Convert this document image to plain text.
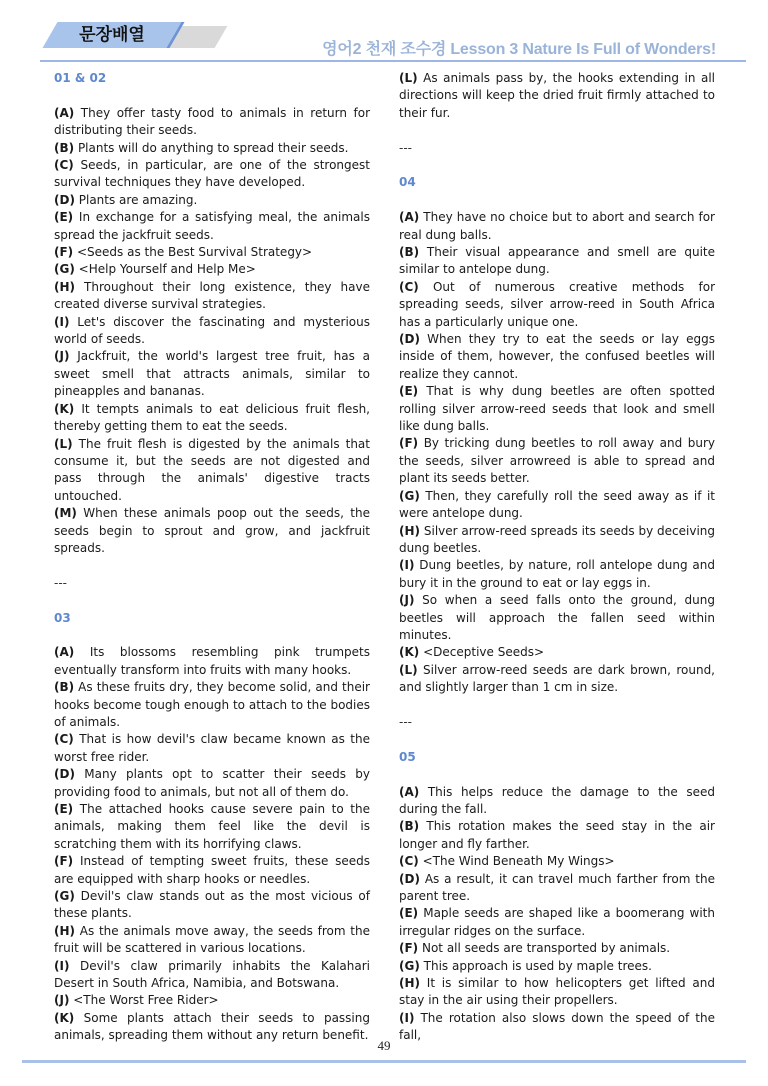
문장배열
영어2 천재 조수경 Lesson 3 Nature Is Full of Wonders!

01 & 02

(A) They offer tasty food to animals in return for distributing their seeds.

(B) Plants will do anything to spread their seeds.

(C) Seeds, in particular, are one of the strongest survival techniques they have developed.

(D) Plants are amazing.

(E) In exchange for a satisfying meal, the animals spread the jackfruit seeds.

(F) <Seeds as the Best Survival Strategy>

(G) <Help Yourself and Help Me>

(H) Throughout their long existence, they have created diverse survival strategies.

(I) Let's discover the fascinating and mysterious world of seeds.

(J) Jackfruit, the world's largest tree fruit, has a sweet smell that attracts animals, similar to pineapples and bananas.

(K) It tempts animals to eat delicious fruit flesh, thereby getting them to eat the seeds.

(L) The fruit flesh is digested by the animals that consume it, but the seeds are not digested and pass through the animals' digestive tracts untouched.

(M) When these animals poop out the seeds, the seeds begin to sprout and grow, and jackfruit spreads.

---

03

(A) Its blossoms resembling pink trumpets eventually transform into fruits with many hooks.

(B) As these fruits dry, they become solid, and their hooks become tough enough to attach to the bodies of animals.

(C) That is how devil's claw became known as the worst free rider.

(D) Many plants opt to scatter their seeds by providing food to animals, but not all of them do.

(E) The attached hooks cause severe pain to the animals, making them feel like the devil is scratching them with its horrifying claws.

(F) Instead of tempting sweet fruits, these seeds are equipped with sharp hooks or needles.

(G) Devil's claw stands out as the most vicious of these plants.

(H) As the animals move away, the seeds from the fruit will be scattered in various locations.

(I) Devil's claw primarily inhabits the Kalahari Desert in South Africa, Namibia, and Botswana.

(J) <The Worst Free Rider>

(K) Some plants attach their seeds to passing animals, spreading them without any return benefit.

(L) As animals pass by, the hooks extending in all directions will keep the dried fruit firmly attached to their fur.

---

04

(A) They have no choice but to abort and search for real dung balls.

(B) Their visual appearance and smell are quite similar to antelope dung.

(C) Out of numerous creative methods for spreading seeds, silver arrow-reed in South Africa has a particularly unique one.

(D) When they try to eat the seeds or lay eggs inside of them, however, the confused beetles will realize they cannot.

(E) That is why dung beetles are often spotted rolling silver arrow-reed seeds that look and smell like dung balls.

(F) By tricking dung beetles to roll away and bury the seeds, silver arrowreed is able to spread and plant its seeds better.

(G) Then, they carefully roll the seed away as if it were antelope dung.

(H) Silver arrow-reed spreads its seeds by deceiving dung beetles.

(I) Dung beetles, by nature, roll antelope dung and bury it in the ground to eat or lay eggs in.

(J) So when a seed falls onto the ground, dung beetles will approach the fallen seed within minutes.

(K) <Deceptive Seeds>

(L) Silver arrow-reed seeds are dark brown, round, and slightly larger than 1 cm in size.

---

05

(A) This helps reduce the damage to the seed during the fall.

(B) This rotation makes the seed stay in the air longer and fly farther.

(C) <The Wind Beneath My Wings>

(D) As a result, it can travel much farther from the parent tree.

(E) Maple seeds are shaped like a boomerang with irregular ridges on the surface.

(F) Not all seeds are transported by animals.

(G) This approach is used by maple trees.

(H) It is similar to how helicopters get lifted and stay in the air using their propellers.

(I) The rotation also slows down the speed of the fall,

49
